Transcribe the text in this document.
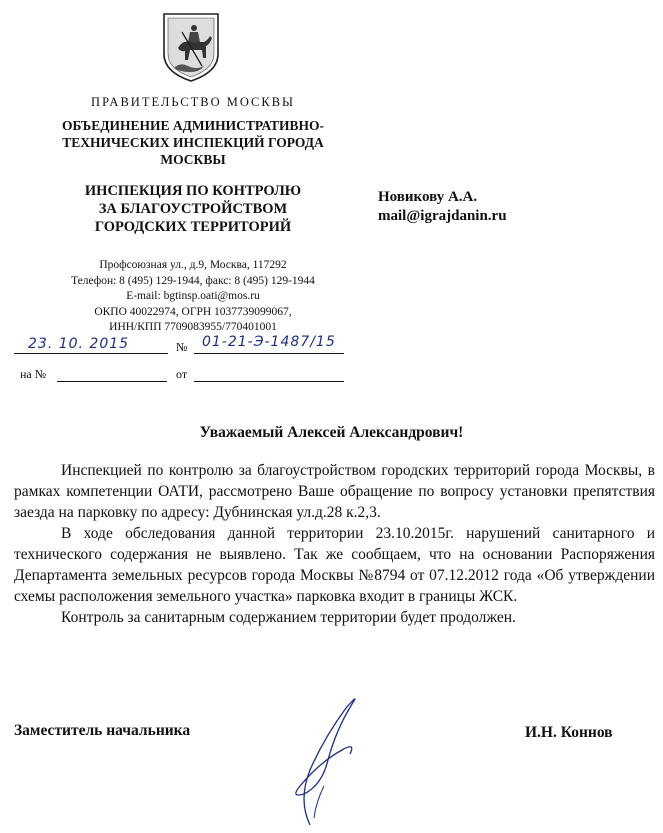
ПРАВИТЕЛЬСТВО МОСКВЫ
ОБЪЕДИНЕНИЕ АДМИНИСТРАТИВНО-
ТЕХНИЧЕСКИХ ИНСПЕКЦИЙ ГОРОДА
МОСКВЫ
ИНСПЕКЦИЯ ПО КОНТРОЛЮ
ЗА БЛАГОУСТРОЙСТВОМ
ГОРОДСКИХ ТЕРРИТОРИЙ
Профсоюзная ул., д.9, Москва, 117292
Телефон: 8 (495) 129-1944, факс: 8 (495) 129-1944
E-mail: bgtinsp.oati@mos.ru
ОКПО 40022974, ОГРН 1037739099067,
ИНН/КПП 7709083955/770401001
Новикову А.А.
mail@igrajdanin.ru
23. 10. 2015	№ 01-21-Э-1487/15
на №	от
Уважаемый Алексей Александрович!

Инспекцией по контролю за благоустройством городских территорий города Москвы, в рамках компетенции ОАТИ, рассмотрено Ваше обращение по вопросу установки препятствия заезда на парковку по адресу: Дубнинская ул.д.28 к.2,3.

В ходе обследования данной территории 23.10.2015г. нарушений санитарного и технического содержания не выявлено. Так же сообщаем, что на основании Распоряжения Департамента земельных ресурсов города Москвы №8794 от 07.12.2012 года «Об утверждении схемы расположения земельного участка» парковка входит в границы ЖСК.

Контроль за санитарным содержанием территории будет продолжен.

Заместитель начальника	И.Н. Коннов
